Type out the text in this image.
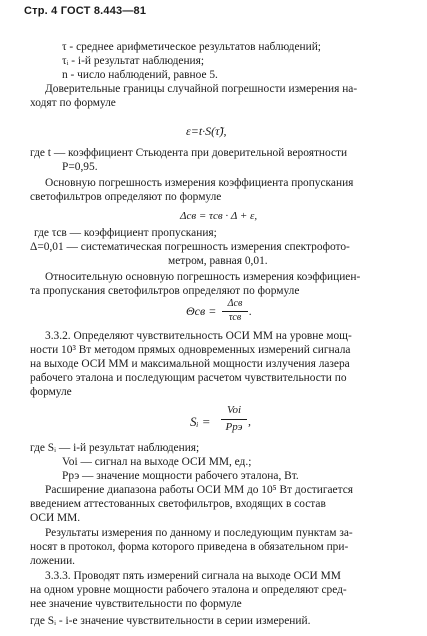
Стр. 4 ГОСТ 8.443—81
τ - среднее арифметическое результатов наблюдений;
τᵢ - i-й результат наблюдения;
n - число наблюдений, равное 5.
Доверительные границы случайной погрешности измерения на-
ходят по формуле
ε=t·S(τ̃),
где t — коэффициент Стьюдента при доверительной вероятности
P=0,95.
Основную погрешность измерения коэффициента пропускания
светофильтров определяют по формуле
Δсв = τсв · Δ + ε,
где τсв — коэффициент пропускания;
Δ=0,01 — систематическая погрешность измерения спектрофото-
метром, равная 0,01.
Относительную основную погрешность измерения коэффициен-
та пропускания светофильтров определяют по формуле
Θсв =
Δсв
τсв .
3.3.2. Определяют чувствительность ОСИ ММ на уровне мощ-
ности 10³ Вт методом прямых одновременных измерений сигнала
на выходе ОСИ ММ и максимальной мощности излучения лазера
рабочего эталона и последующим расчетом чувствительности по
формуле
Sᵢ =
Voi
Pрэ ,
где Sᵢ — i-й результат наблюдения;
Voi — сигнал на выходе ОСИ ММ, ед.;
Pрэ — значение мощности рабочего эталона, Вт.
Расширение диапазона работы ОСИ ММ до 10⁵ Вт достигается
введением аттестованных светофильтров, входящих в состав
ОСИ ММ.
Результаты измерения по данному и последующим пунктам за-
носят в протокол, форма которого приведена в обязательном при-
ложении.
3.3.3. Проводят пять измерений сигнала на выходе ОСИ ММ
на одном уровне мощности рабочего эталона и определяют сред-
нее значение чувствительности по формуле
где Sᵢ - i-е значение чувствительности в серии измерений.
